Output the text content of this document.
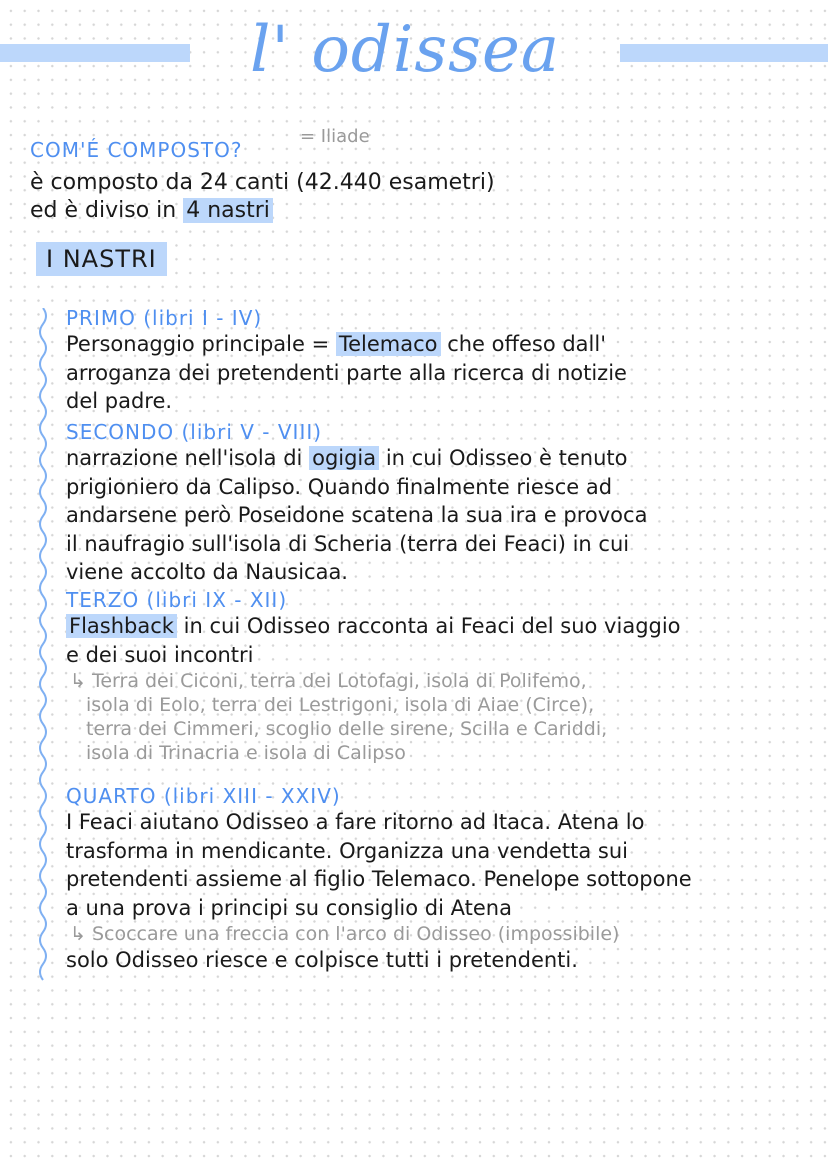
l' odissea
COM'É COMPOSTO?
= Iliade
è composto da 24 canti (42.440 esametri)
ed è diviso in 4 nastri
I NASTRI
PRIMO (libri I - IV)
Personaggio principale = Telemaco che offeso dall'
arroganza dei pretendenti parte alla ricerca di notizie
del padre.
SECONDO (libri V - VIII)
narrazione nell'isola di ogigia in cui Odisseo è tenuto
prigioniero da Calipso. Quando finalmente riesce ad
andarsene però Poseidone scatena la sua ira e provoca
il naufragio sull'isola di Scheria (terra dei Feaci) in cui
viene accolto da Nausicaa.
TERZO (libri IX - XII)
Flashback in cui Odisseo racconta ai Feaci del suo viaggio
e dei suoi incontri
↳ Terra dei Ciconi, terra dei Lotofagi, isola di Polifemo,
isola di Eolo, terra dei Lestrigoni, isola di Aiae (Circe),
terra dei Cimmeri, scoglio delle sirene, Scilla e Cariddi,
isola di Trinacria e isola di Calipso
QUARTO (libri XIII - XXIV)
I Feaci aiutano Odisseo a fare ritorno ad Itaca. Atena lo
trasforma in mendicante. Organizza una vendetta sui
pretendenti assieme al figlio Telemaco. Penelope sottopone
a una prova i principi su consiglio di Atena
↳ Scoccare una freccia con l'arco di Odisseo (impossibile)
solo Odisseo riesce e colpisce tutti i pretendenti.
